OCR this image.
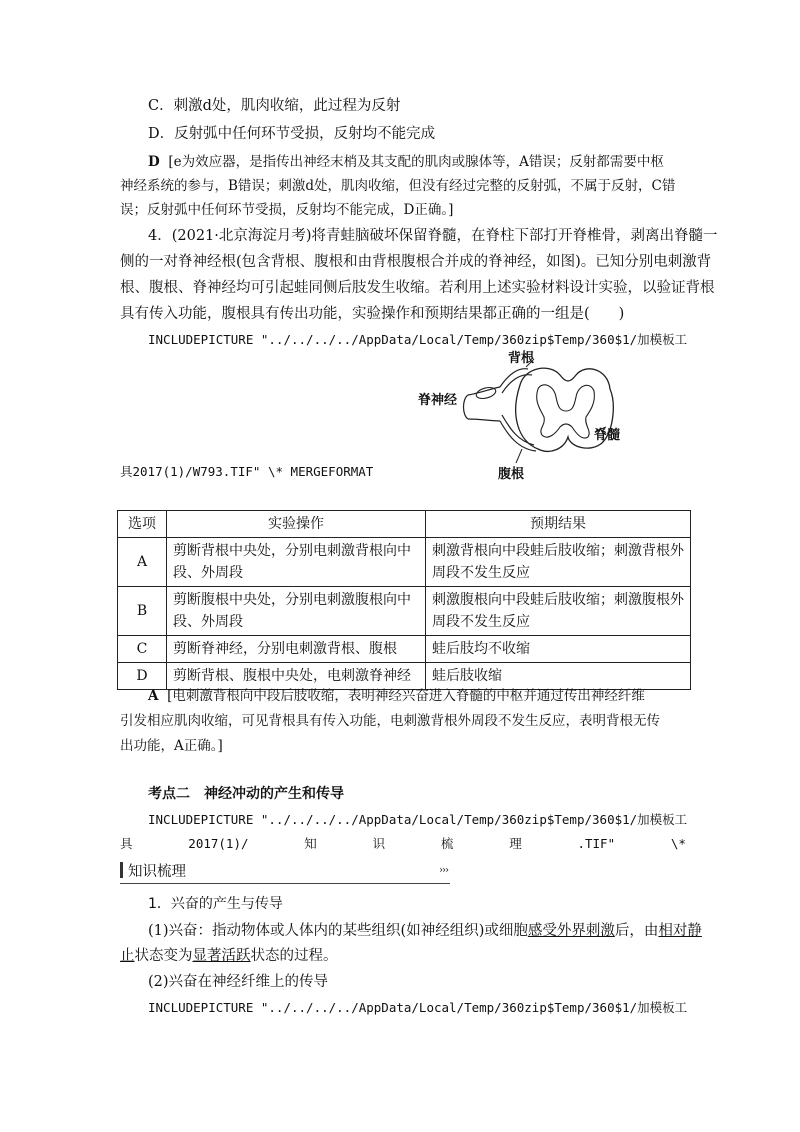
C．刺激d处，肌肉收缩，此过程为反射
D．反射弧中任何环节受损，反射均不能完成
D [e为效应器，是指传出神经末梢及其支配的肌肉或腺体等，A错误；反射都需要中枢
神经系统的参与，B错误；刺激d处，肌肉收缩，但没有经过完整的反射弧，不属于反射，C错
误；反射弧中任何环节受损，反射均不能完成，D正确。]
4．(2021·北京海淀月考)将青蛙脑破坏保留脊髓，在脊柱下部打开脊椎骨，剥离出脊髓一
侧的一对脊神经根(包含背根、腹根和由背根腹根合并成的脊神经，如图)。已知分别电刺激背
根、腹根、脊神经均可引起蛙同侧后肢发生收缩。若利用上述实验材料设计实验，以验证背根
具有传入功能，腹根具有传出功能，实验操作和预期结果都正确的一组是(　　)
INCLUDEPICTURE "../../../../AppData/Local/Temp/360zip$Temp/360$1/加模板工
背根
脊神经
脊髓
腹根
具2017(1)/W793.TIF" \* MERGEFORMAT
选项	实验操作	预期结果
A	剪断背根中央处，分别电刺激背根向中段、外周段	刺激背根向中段蛙后肢收缩；刺激背根外周段不发生反应
B	剪断腹根中央处，分别电刺激腹根向中段、外周段	刺激腹根向中段蛙后肢收缩；刺激腹根外周段不发生反应
C	剪断脊神经，分别电刺激背根、腹根	蛙后肢均不收缩
D	剪断背根、腹根中央处，电刺激脊神经	蛙后肢收缩
A [电刺激背根向中段后肢收缩，表明神经兴奋进入脊髓的中枢并通过传出神经纤维
引发相应肌肉收缩，可见背根具有传入功能，电刺激背根外周段不发生反应，表明背根无传
出功能，A正确。]
考点二　神经冲动的产生和传导
INCLUDEPICTURE "../../../../AppData/Local/Temp/360zip$Temp/360$1/加模板工
具	2017(1)/	知	识	梳	理	.TIF"	\*
知识梳理	›››
1．兴奋的产生与传导
(1)兴奋：指动物体或人体内的某些组织(如神经组织)或细胞感受外界刺激后，由相对静
止状态变为显著活跃状态的过程。
(2)兴奋在神经纤维上的传导
INCLUDEPICTURE "../../../../AppData/Local/Temp/360zip$Temp/360$1/加模板工
